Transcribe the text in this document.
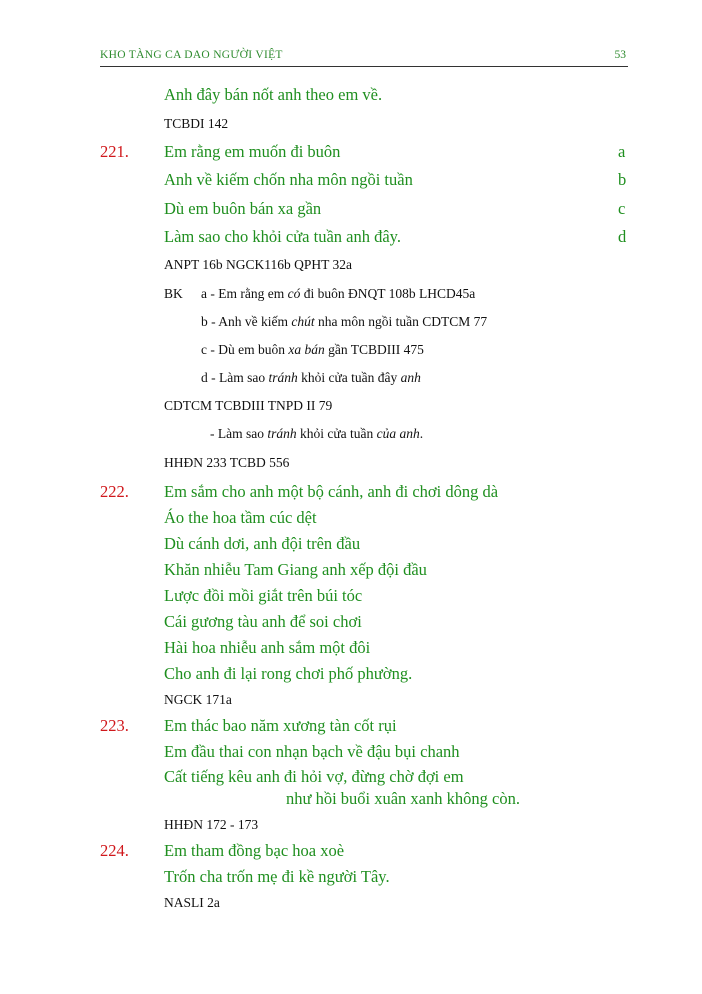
KHO TÀNG CA DAO NGƯỜI VIỆT	53
Anh đây bán nốt anh theo em về.
TCBDI 142
221. Em rằng em muốn đi buôn	a
Anh về kiếm chốn nha môn ngồi tuần	b
Dù em buôn bán xa gần	c
Làm sao cho khỏi cửa tuần anh đây.	d
ANPT 16b NGCK116b QPHT 32a
BK a - Em rằng em có đi buôn ĐNQT 108b LHCD45a
b - Anh về kiếm chút nha môn ngồi tuần CDTCM 77
c - Dù em buôn xa bán gần TCBDIII 475
d - Làm sao tránh khỏi cửa tuần đây anh
CDTCM TCBDIII TNPD II 79
- Làm sao tránh khỏi cửa tuần của anh.
HHĐN 233 TCBD 556
222. Em sắm cho anh một bộ cánh, anh đi chơi dông dà
Áo the hoa tầm cúc dệt
Dù cánh dơi, anh đội trên đầu
Khăn nhiễu Tam Giang anh xếp đội đầu
Lược đồi mồi giắt trên búi tóc
Cái gương tàu anh để soi chơi
Hài hoa nhiễu anh sắm một đôi
Cho anh đi lại rong chơi phố phường.
NGCK 171a
223. Em thác bao năm xương tàn cốt rụi
Em đầu thai con nhạn bạch về đậu bụi chanh
Cất tiếng kêu anh đi hỏi vợ, đừng chờ đợi em
như hồi buổi xuân xanh không còn.
HHĐN 172 - 173
224. Em tham đồng bạc hoa xoè
Trốn cha trốn mẹ đi kề người Tây.
NASLI 2a
